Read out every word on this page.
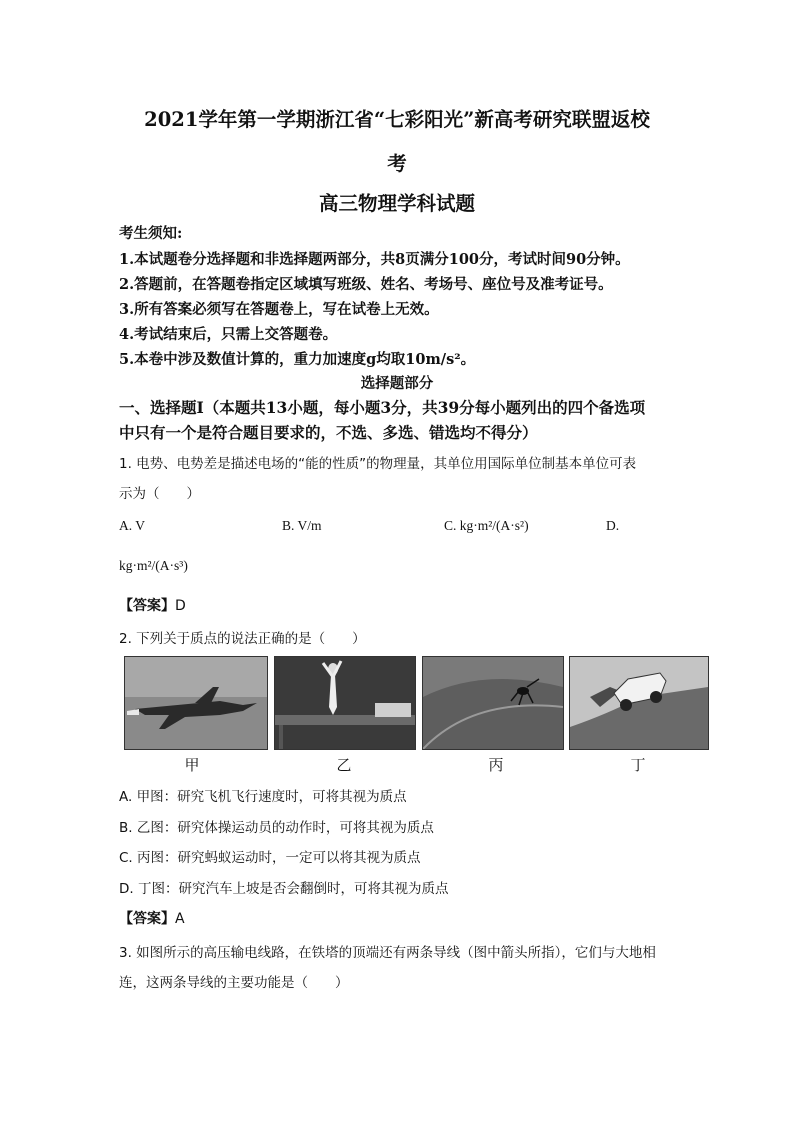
2021学年第一学期浙江省“七彩阳光”新高考研究联盟返校
考
高三物理学科试题
考生须知:
1.本试题卷分选择题和非选择题两部分，共8页满分100分，考试时间90分钟。
2.答题前，在答题卷指定区域填写班级、姓名、考场号、座位号及准考证号。
3.所有答案必须写在答题卷上，写在试卷上无效。
4.考试结束后，只需上交答题卷。
5.本卷中涉及数值计算的，重力加速度g均取10m/s²。
选择题部分
一、选择题Ⅰ（本题共13小题，每小题3分，共39分每小题列出的四个备选项
中只有一个是符合题目要求的，不选、多选、错选均不得分）
1. 电势、电势差是描述电场的“能的性质”的物理量，其单位用国际单位制基本单位可表
示为（　　）
A. V	B. V/m	C. kg·m²/(A·s²)	D.
kg·m²/(A·s³)
【答案】D
2. 下列关于质点的说法正确的是（　　）
甲	乙	丙	丁
A. 甲图：研究飞机飞行速度时，可将其视为质点
B. 乙图：研究体操运动员的动作时，可将其视为质点
C. 丙图：研究蚂蚁运动时，一定可以将其视为质点
D. 丁图：研究汽车上坡是否会翻倒时，可将其视为质点
【答案】A
3. 如图所示的高压输电线路，在铁塔的顶端还有两条导线（图中箭头所指），它们与大地相
连，这两条导线的主要功能是（　　）
